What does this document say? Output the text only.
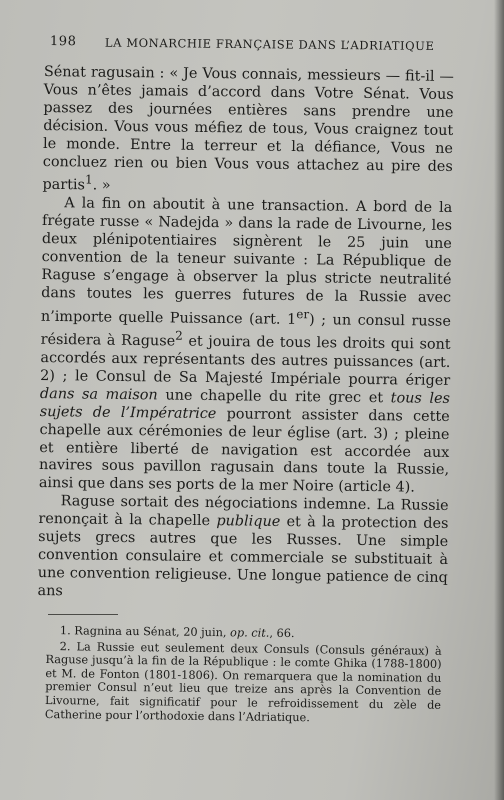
198 LA MONARCHIE FRANÇAISE DANS L’ADRIATIQUE

Sénat ragusain : « Je Vous connais, messieurs — fit-il — Vous n’êtes jamais d’accord dans Votre Sénat. Vous passez des journées entières sans prendre une décision. Vous vous méfiez de tous, Vous craignez tout le monde. Entre la terreur et la défiance, Vous ne concluez rien ou bien Vous vous attachez au pire des partis$^1$. »

A la fin on aboutit à une transaction. A bord de la frégate russe « Nadejda » dans la rade de Livourne, les deux plénipotentiaires signèrent le 25 juin une convention de la teneur suivante : La République de Raguse s’engage à observer la plus stricte neutralité dans toutes les guerres futures de la Russie avec n’importe quelle Puissance (art. 1er) ; un consul russe résidera à Raguse$^2$ et jouira de tous les droits qui sont accordés aux représentants des autres puissances (art. 2) ; le Consul de Sa Majesté Impériale pourra ériger dans sa maison une chapelle du rite grec et tous les sujets de l’Impératrice pourront assister dans cette chapelle aux cérémonies de leur église (art. 3) ; pleine et entière liberté de navigation est accordée aux navires sous pavillon ragusain dans toute la Russie, ainsi que dans ses ports de la mer Noire (article 4).

Raguse sortait des négociations indemne. La Russie renonçait à la chapelle publique et à la protection des sujets grecs autres que les Russes. Une simple convention consulaire et commerciale se substituait à une convention religieuse. Une longue patience de cinq ans

1. Ragnina au Sénat, 20 juin, op. cit., 66.

2. La Russie eut seulement deux Consuls (Consuls généraux) à Raguse jusqu’à la fin de la République : le comte Ghika (1788-1800) et M. de Fonton (1801-1806). On remarquera que la nomination du premier Consul n’eut lieu que treize ans après la Convention de Livourne, fait significatif pour le refroidissement du zèle de Catherine pour l’orthodoxie dans l’Adriatique.
